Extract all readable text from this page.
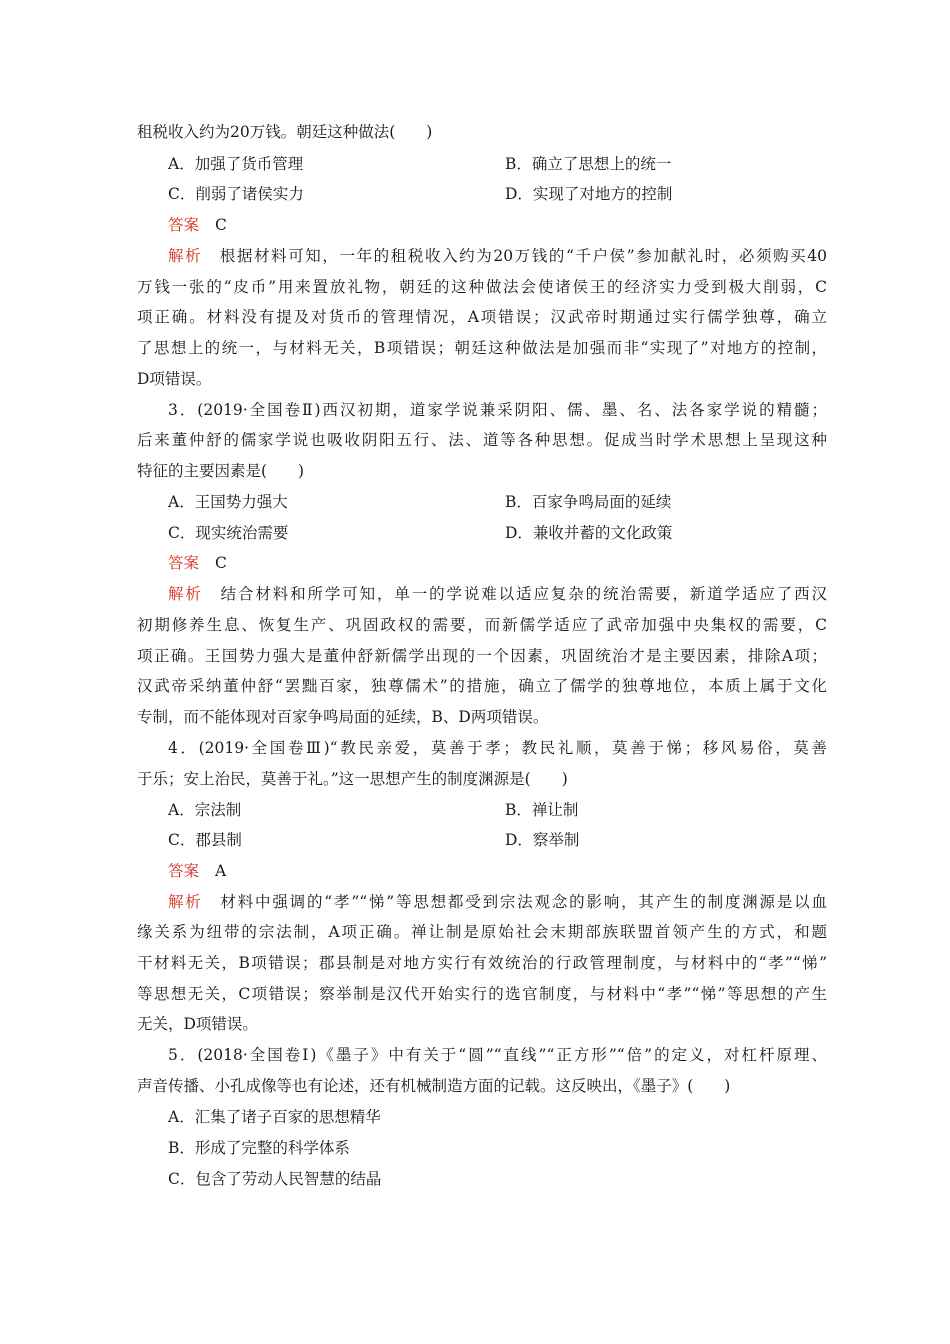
租税收入约为20万钱。朝廷这种做法(　　)
A．加强了货币管理	B．确立了思想上的统一
C．削弱了诸侯实力	D．实现了对地方的控制
答案 C
解析 根据材料可知，一年的租税收入约为20万钱的“千户侯”参加献礼时，必须购买40
万钱一张的“皮币”用来置放礼物，朝廷的这种做法会使诸侯王的经济实力受到极大削弱，C
项正确。材料没有提及对货币的管理情况，A项错误；汉武帝时期通过实行儒学独尊，确立
了思想上的统一，与材料无关，B项错误；朝廷这种做法是加强而非“实现了”对地方的控制，
D项错误。
3．(2019·全国卷Ⅱ)西汉初期，道家学说兼采阴阳、儒、墨、名、法各家学说的精髓；
后来董仲舒的儒家学说也吸收阴阳五行、法、道等各种思想。促成当时学术思想上呈现这种
特征的主要因素是(　　)
A．王国势力强大	B．百家争鸣局面的延续
C．现实统治需要	D．兼收并蓄的文化政策
答案 C
解析 结合材料和所学可知，单一的学说难以适应复杂的统治需要，新道学适应了西汉
初期修养生息、恢复生产、巩固政权的需要，而新儒学适应了武帝加强中央集权的需要，C
项正确。王国势力强大是董仲舒新儒学出现的一个因素，巩固统治才是主要因素，排除A项；
汉武帝采纳董仲舒“罢黜百家，独尊儒术”的措施，确立了儒学的独尊地位，本质上属于文化
专制，而不能体现对百家争鸣局面的延续，B、D两项错误。
4．(2019·全国卷Ⅲ)“教民亲爱，莫善于孝；教民礼顺，莫善于悌；移风易俗，莫善
于乐；安上治民，莫善于礼。”这一思想产生的制度渊源是(　　)
A．宗法制	B．禅让制
C．郡县制	D．察举制
答案 A
解析 材料中强调的“孝”“悌”等思想都受到宗法观念的影响，其产生的制度渊源是以血
缘关系为纽带的宗法制，A项正确。禅让制是原始社会末期部族联盟首领产生的方式，和题
干材料无关，B项错误；郡县制是对地方实行有效统治的行政管理制度，与材料中的“孝”“悌”
等思想无关，C项错误；察举制是汉代开始实行的选官制度，与材料中“孝”“悌”等思想的产生
无关，D项错误。
5．(2018·全国卷Ⅰ)《墨子》中有关于“圆”“直线”“正方形”“倍”的定义，对杠杆原理、
声音传播、小孔成像等也有论述，还有机械制造方面的记载。这反映出，《墨子》(　　)
A．汇集了诸子百家的思想精华
B．形成了完整的科学体系
C．包含了劳动人民智慧的结晶
